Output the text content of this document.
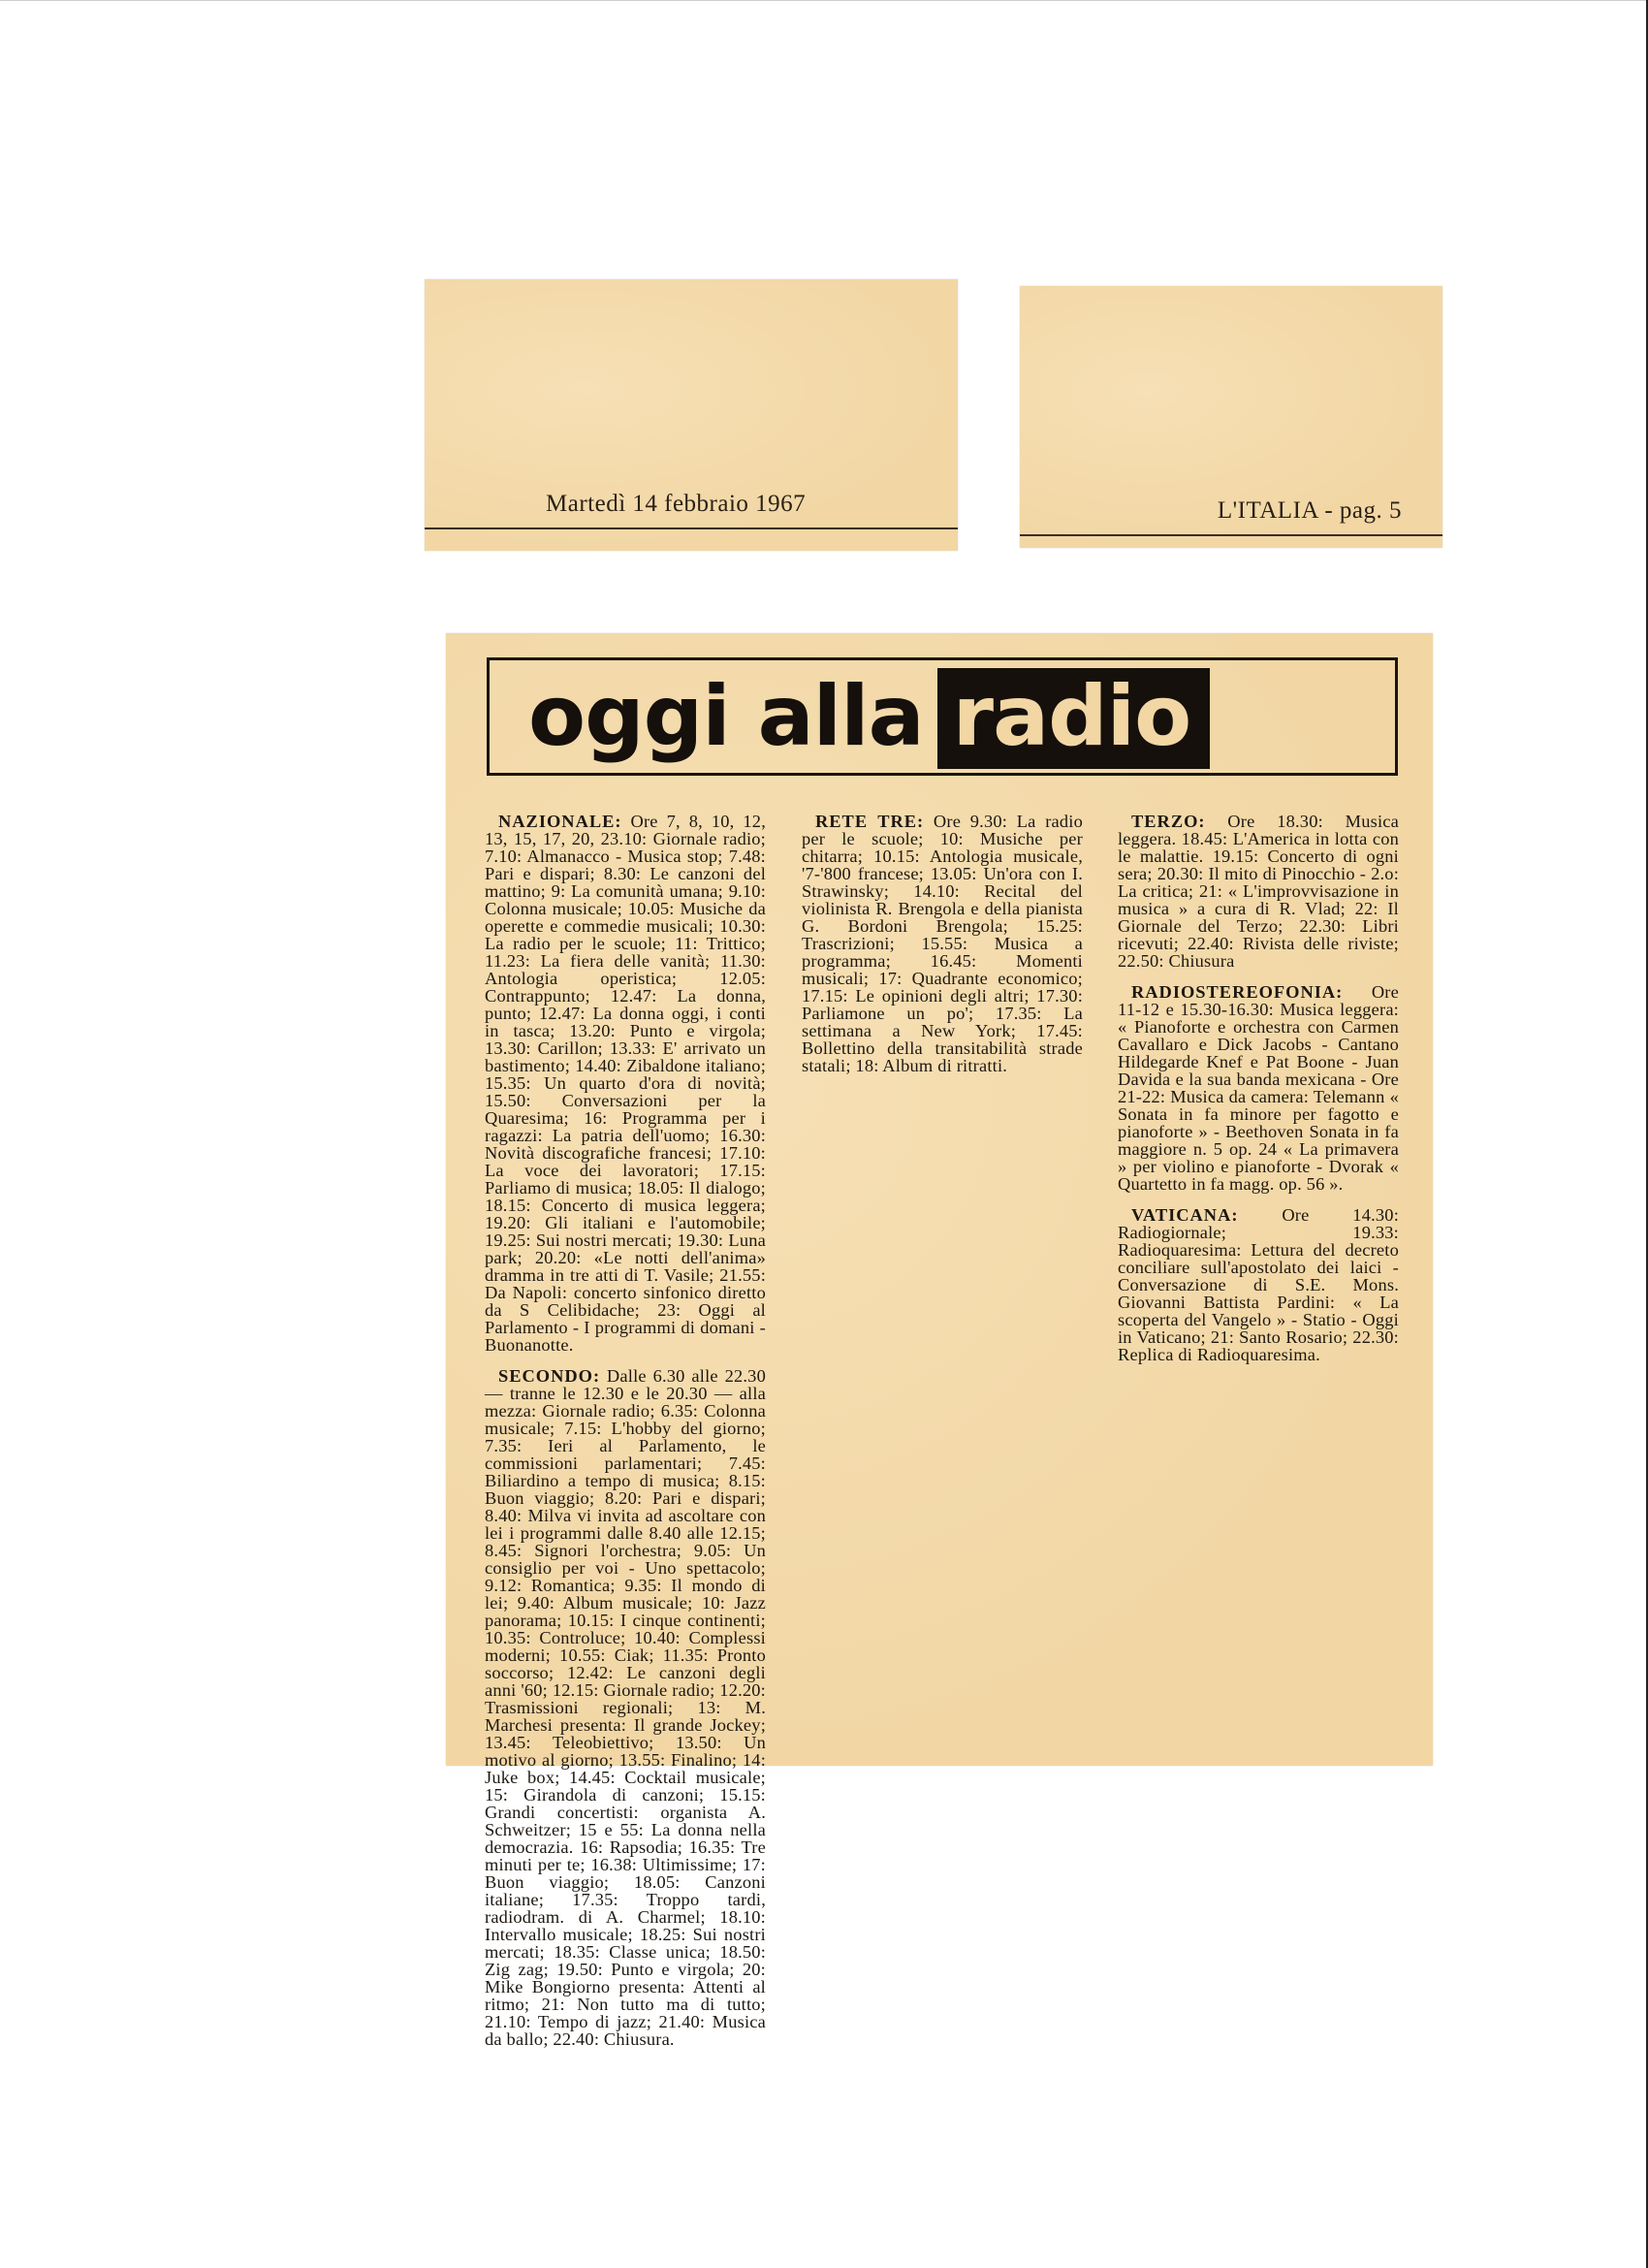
Martedì 14 febbraio 1967	L'ITALIA - pag. 5
oggi alla radio

NAZIONALE: Ore 7, 8, 10, 12, 13, 15, 17, 20, 23.10: Giornale radio; 7.10: Almanacco - Musica stop; 7.48: Pari e dispari; 8.30: Le canzoni del mattino; 9: La comunità umana; 9.10: Colonna musicale; 10.05: Musiche da operette e commedie musicali; 10.30: La radio per le scuole; 11: Trittico; 11.23: La fiera delle vanità; 11.30: Antologia operistica; 12.05: Contrappunto; 12.47: La donna, punto; 12.47: La donna oggi, i conti in tasca; 13.20: Punto e virgola; 13.30: Carillon; 13.33: E' arrivato un bastimento; 14.40: Zibaldone italiano; 15.35: Un quarto d'ora di novità; 15.50: Conversazioni per la Quaresima; 16: Programma per i ragazzi: La patria dell'uomo; 16.30: Novità discografiche francesi; 17.10: La voce dei lavoratori; 17.15: Parliamo di musica; 18.05: Il dialogo; 18.15: Concerto di musica leggera; 19.20: Gli italiani e l'automobile; 19.25: Sui nostri mercati; 19.30: Luna park; 20.20: «Le notti dell'anima» dramma in tre atti di T. Vasile; 21.55: Da Napoli: concerto sinfonico diretto da S Celibidache; 23: Oggi al Parlamento - I programmi di domani - Buonanotte.

SECONDO: Dalle 6.30 alle 22.30 — tranne le 12.30 e le 20.30 — alla mezza: Giornale radio; 6.35: Colonna musicale; 7.15: L'hobby del giorno; 7.35: Ieri al Parlamento, le commissioni parlamentari; 7.45: Biliardino a tempo di musica; 8.15: Buon viaggio; 8.20: Pari e dispari; 8.40: Milva vi invita ad ascoltare con lei i programmi dalle 8.40 alle 12.15; 8.45: Signori l'orchestra; 9.05: Un consiglio per voi - Uno spettacolo; 9.12: Romantica; 9.35: Il mondo di lei; 9.40: Album musicale; 10: Jazz panorama; 10.15: I cinque continenti; 10.35: Controluce; 10.40: Complessi moderni; 10.55: Ciak; 11.35: Pronto soccorso; 12.42: Le canzoni degli anni '60; 12.15: Giornale radio; 12.20: Trasmissioni regionali; 13: M. Marchesi presenta: Il grande Jockey; 13.45: Teleobiettivo; 13.50: Un motivo al giorno; 13.55: Finalino; 14: Juke box; 14.45: Cocktail musicale; 15: Girandola di canzoni; 15.15: Grandi concertisti: organista A. Schweitzer; 15 e 55: La donna nella democrazia. 16: Rapsodia; 16.35: Tre minuti per te; 16.38: Ultimissime; 17: Buon viaggio; 18.05: Canzoni italiane; 17.35: Troppo tardi, radiodram. di A. Charmel; 18.10: Intervallo musicale; 18.25: Sui nostri mercati; 18.35: Classe unica; 18.50: Zig zag; 19.50: Punto e virgola; 20: Mike Bongiorno presenta: Attenti al ritmo; 21: Non tutto ma di tutto; 21.10: Tempo di jazz; 21.40: Musica da ballo; 22.40: Chiusura.

RETE TRE: Ore 9.30: La radio per le scuole; 10: Musiche per chitarra; 10.15: Antologia musicale, '7-'800 francese; 13.05: Un'ora con I. Strawinsky; 14.10: Recital del violinista R. Brengola e della pianista G. Bordoni Brengola; 15.25: Trascrizioni; 15.55: Musica a programma; 16.45: Momenti musicali; 17: Quadrante economico; 17.15: Le opinioni degli altri; 17.30: Parliamone un po'; 17.35: La settimana a New York; 17.45: Bollettino della transitabilità strade statali; 18: Album di ritratti.

TERZO: Ore 18.30: Musica leggera. 18.45: L'America in lotta con le malattie. 19.15: Concerto di ogni sera; 20.30: Il mito di Pinocchio - 2.o: La critica; 21: « L'improvvisazione in musica » a cura di R. Vlad; 22: Il Giornale del Terzo; 22.30: Libri ricevuti; 22.40: Rivista delle riviste; 22.50: Chiusura

RADIOSTEREOFONIA: Ore 11-12 e 15.30-16.30: Musica leggera: « Pianoforte e orchestra con Carmen Cavallaro e Dick Jacobs - Cantano Hildegarde Knef e Pat Boone - Juan Davida e la sua banda mexicana - Ore 21-22: Musica da camera: Telemann « Sonata in fa minore per fagotto e pianoforte » - Beethoven Sonata in fa maggiore n. 5 op. 24 « La primavera » per violino e pianoforte - Dvorak « Quartetto in fa magg. op. 56 ».

VATICANA: Ore 14.30: Radiogiornale; 19.33: Radioquaresima: Lettura del decreto conciliare sull'apostolato dei laici - Conversazione di S.E. Mons. Giovanni Battista Pardini: « La scoperta del Vangelo » - Statio - Oggi in Vaticano; 21: Santo Rosario; 22.30: Replica di Radioquaresima.
